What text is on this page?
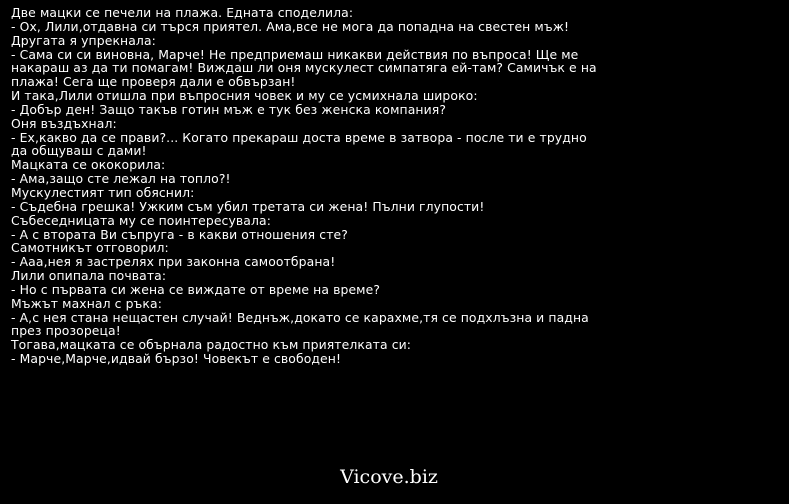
Две мацки се печели на плажа. Едната споделила:
- Ох, Лили,отдавна си търся приятел. Ама,все не мога да попадна на свестен мъж!
Другата я упрекнала:
- Сама си си виновна, Марче! Не предприемаш никакви действия по въпроса! Ще ме
накараш аз да ти помагам! Виждаш ли оня мускулест симпатяга ей-там? Самичък е на
плажа! Сега ще проверя дали е обвързан!
И така,Лили отишла при въпросния човек и му се усмихнала широко:
- Добър ден! Защо такъв готин мъж е тук без женска компания?
Оня въздъхнал:
- Ех,какво да се прави?... Когато прекараш доста време в затвора - после ти е трудно
да общуваш с дами!
Мацката се ококорила:
- Ама,защо сте лежал на топло?!
Мускулестият тип обяснил:
- Съдебна грешка! Ужким съм убил третата си жена! Пълни глупости!
Събеседницата му се поинтересувала:
- А с втората Ви съпруга - в какви отношения сте?
Самотникът отговорил:
- Ааа,нея я застрелях при законна самоотбрана!
Лили опипала почвата:
- Но с първата си жена се виждате от време на време?
Мъжът махнал с ръка:
- А,с нея стана нещастен случай! Веднъж,докато се карахме,тя се подхлъзна и падна
през прозореца!
Тогава,мацката се обърнала радостно към приятелката си:
- Марче,Марче,идвай бързо! Човекът е свободен!
Vicove.biz
